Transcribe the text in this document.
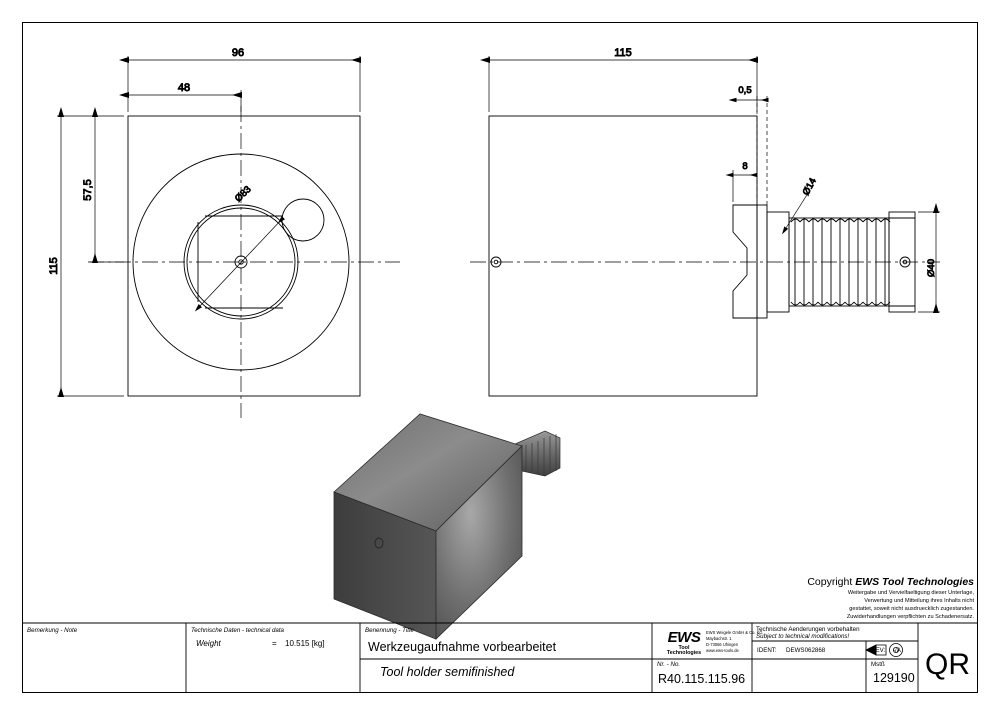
96
48
115
57,5	Ø83
115
0,5
8
Ø14
Ø40
Copyright EWS Tool Technologies
Weitergabe und Vervielfaeltigung dieser Unterlage,
Verwertung und Mitteilung ihres Inhalts nicht
gestattet, soweit nicht ausdruecklich zugestanden.
Zuwiderhandlungen verpflichten zu Schadenersatz.
Bemerkung - Note	Technische Daten - technical data
Weight	= 10.515 [kg]
Benennung - Title
Werkzeugaufnahme vorbearbeitet
Tool holder semifinished
Nr. - No.
R40.115.115.96
EWS
Tool Technologies
EWS Weigele GmbH & Co. KG
Maybachstr. 1
D-73066 Uhingen
www.ews-tools.de
Technische Aenderungen vorbehalten
Subject to technical modifications!
IDENT: DEWS062868	REV: -/A
Mstß
129190 QR
